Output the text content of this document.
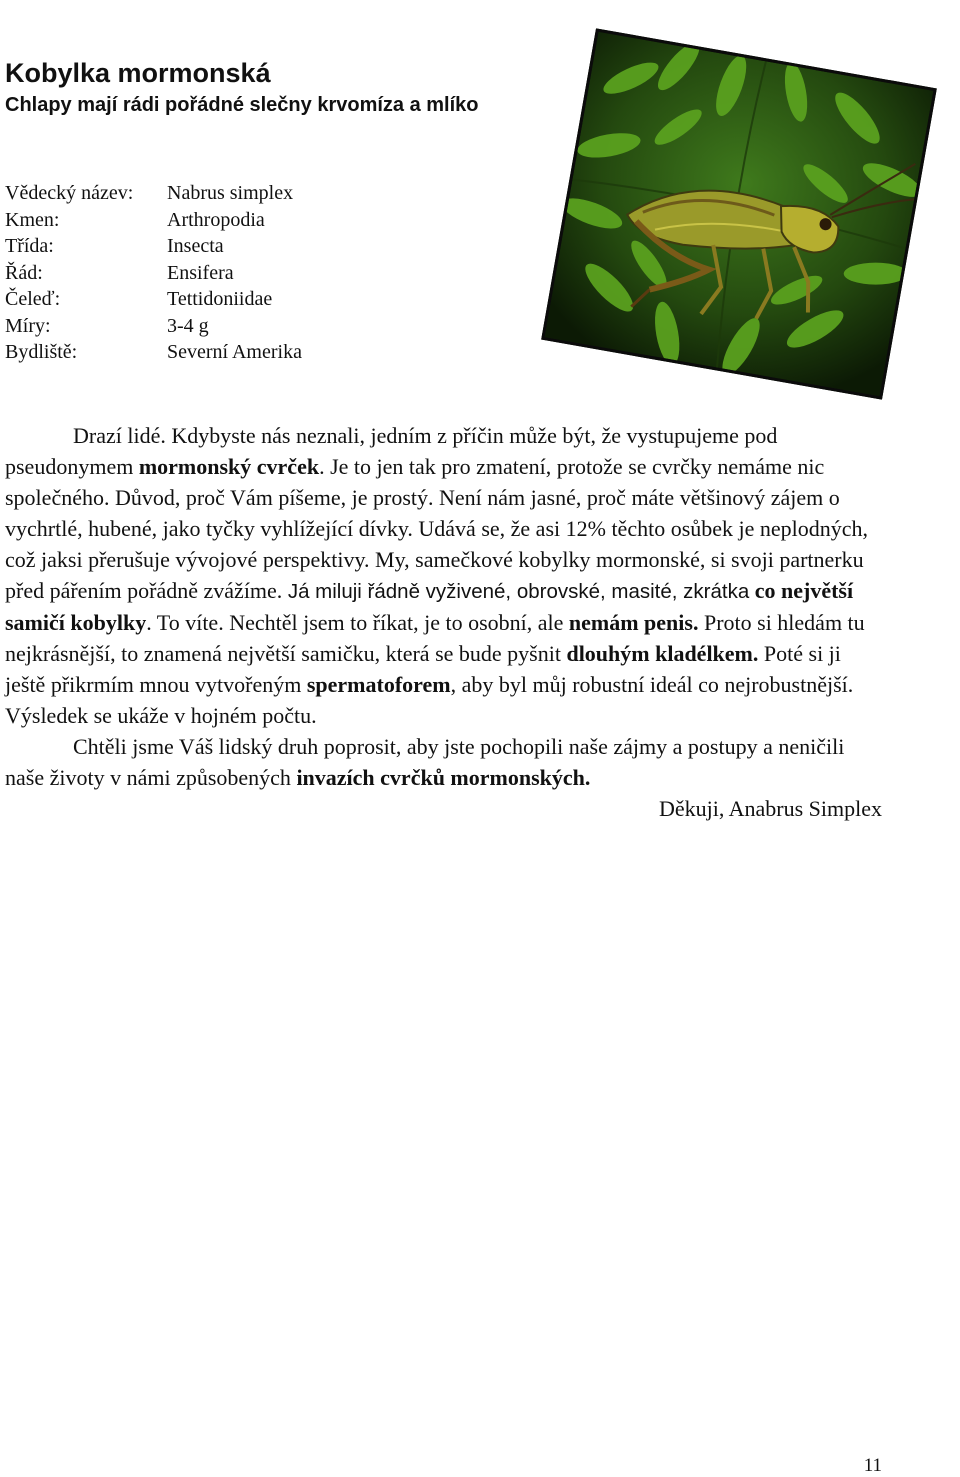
Kobylka mormonská
Chlapy mají rádi pořádné slečny krvomíza a mlíko
Vědecký název:	Nabrus simplex
Kmen:	Arthropodia
Třída:	Insecta
Řád:	Ensifera
Čeleď:	Tettidoniidae
Míry:	3-4 g
Bydliště:	Severní Amerika

Drazí lidé. Kdybyste nás neznali, jedním z příčin může být, že vystupujeme pod pseudonymem mormonský cvrček. Je to jen tak pro zmatení, protože se cvrčky nemáme nic společného. Důvod, proč Vám píšeme, je prostý. Není nám jasné, proč máte většinový zájem o vychrtlé, hubené, jako tyčky vyhlížející dívky. Udává se, že asi 12% těchto osůbek je neplodných, což jaksi přerušuje vývojové perspektivy. My, samečkové kobylky mormonské, si svoji partnerku před pářením pořádně zvážíme. Já miluji řádně vyživené, obrovské, masité, zkrátka co největší samičí kobylky. To víte. Nechtěl jsem to říkat, je to osobní, ale nemám penis. Proto si hledám tu nejkrásnější, to znamená největší samičku, která se bude pyšnit dlouhým kladélkem. Poté si ji ještě přikrmím mnou vytvořeným spermatoforem, aby byl můj robustní ideál co nejrobustnější. Výsledek se ukáže v hojném počtu.

Chtěli jsme Váš lidský druh poprosit, aby jste pochopili naše zájmy a postupy a neničili naše životy v námi způsobených invazích cvrčků mormonských.

Děkuji, Anabrus Simplex

11
